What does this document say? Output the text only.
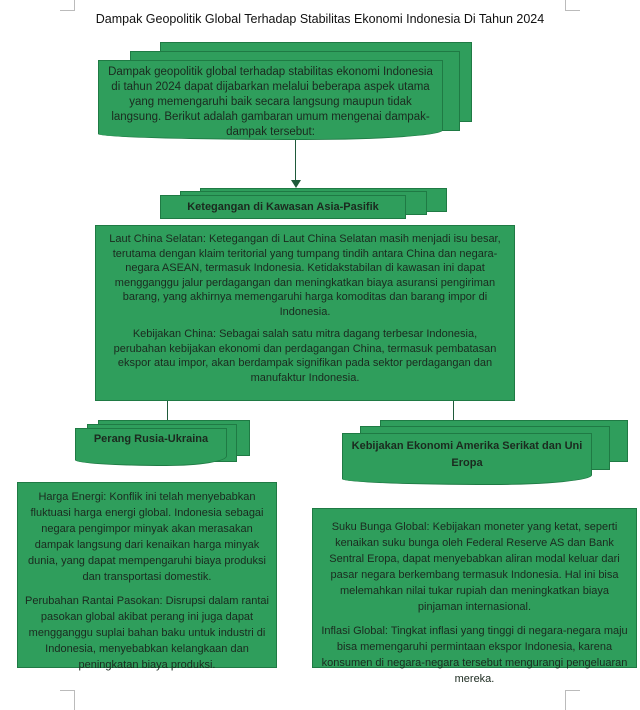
Dampak Geopolitik Global Terhadap Stabilitas Ekonomi Indonesia Di Tahun 2024
Dampak geopolitik global terhadap stabilitas ekonomi Indonesia di tahun 2024 dapat dijabarkan melalui beberapa aspek utama yang memengaruhi baik secara langsung maupun tidak langsung. Berikut adalah gambaran umum mengenai dampak-dampak tersebut:
Ketegangan di Kawasan Asia-Pasifik

Laut China Selatan: Ketegangan di Laut China Selatan masih menjadi isu besar, terutama dengan klaim teritorial yang tumpang tindih antara China dan negara-negara ASEAN, termasuk Indonesia. Ketidakstabilan di kawasan ini dapat mengganggu jalur perdagangan dan meningkatkan biaya asuransi pengiriman barang, yang akhirnya memengaruhi harga komoditas dan barang impor di Indonesia.

Kebijakan China: Sebagai salah satu mitra dagang terbesar Indonesia, perubahan kebijakan ekonomi dan perdagangan China, termasuk pembatasan ekspor atau impor, akan berdampak signifikan pada sektor perdagangan dan manufaktur Indonesia.

Perang Rusia-Ukraina

Harga Energi: Konflik ini telah menyebabkan fluktuasi harga energi global. Indonesia sebagai negara pengimpor minyak akan merasakan dampak langsung dari kenaikan harga minyak dunia, yang dapat mempengaruhi biaya produksi dan transportasi domestik.

Perubahan Rantai Pasokan: Disrupsi dalam rantai pasokan global akibat perang ini juga dapat mengganggu suplai bahan baku untuk industri di Indonesia, menyebabkan kelangkaan dan peningkatan biaya produksi.

Kebijakan Ekonomi Amerika Serikat dan Uni Eropa

Suku Bunga Global: Kebijakan moneter yang ketat, seperti kenaikan suku bunga oleh Federal Reserve AS dan Bank Sentral Eropa, dapat menyebabkan aliran modal keluar dari pasar negara berkembang termasuk Indonesia. Hal ini bisa melemahkan nilai tukar rupiah dan meningkatkan biaya pinjaman internasional.

Inflasi Global: Tingkat inflasi yang tinggi di negara-negara maju bisa memengaruhi permintaan ekspor Indonesia, karena konsumen di negara-negara tersebut mengurangi pengeluaran mereka.
